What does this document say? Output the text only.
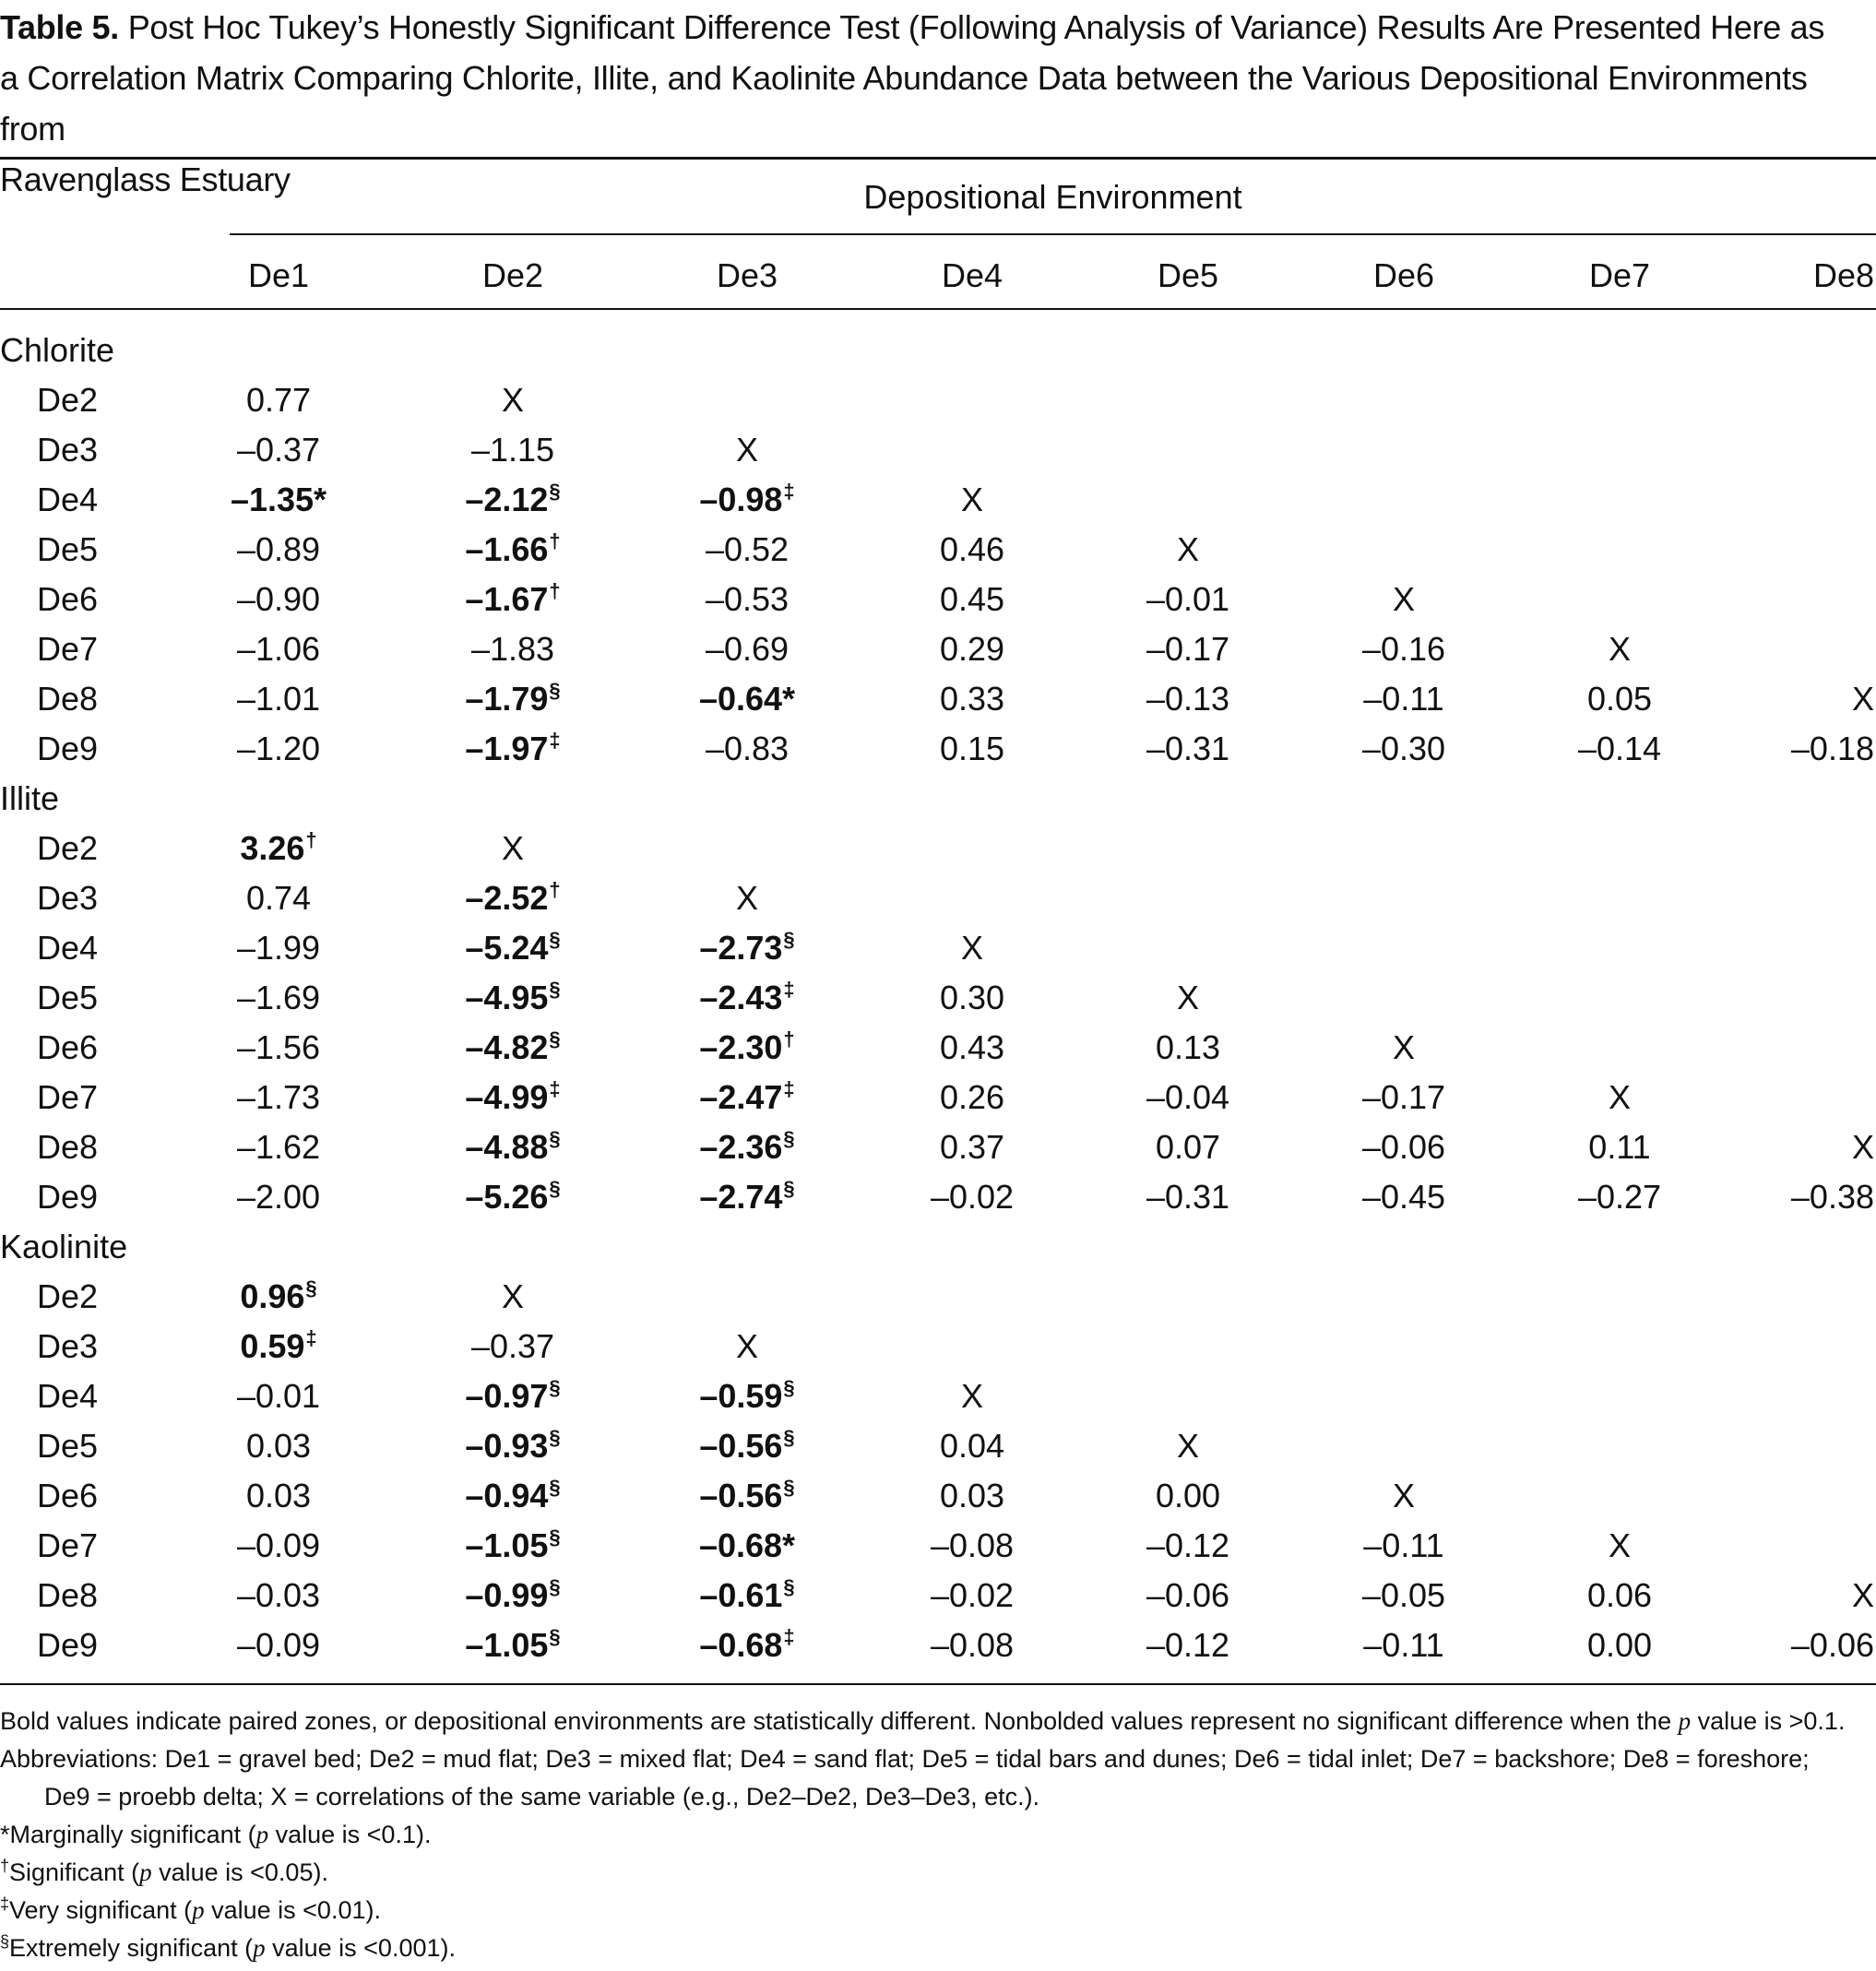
Table 5. Post Hoc Tukey’s Honestly Significant Difference Test (Following Analysis of Variance) Results Are Presented Here as
a Correlation Matrix Comparing Chlorite, Illite, and Kaolinite Abundance Data between the Various Depositional Environments from
Ravenglass Estuary	Depositional Environment
De1	De2	De3	De4	De5	De6	De7	De8
Chlorite
De2	0.77	X
De3	–0.37	–1.15	X
De4	–1.35*	–2.12§	–0.98‡	X
De5	–0.89	–1.66†	–0.52	0.46	X
De6	–0.90	–1.67†	–0.53	0.45	–0.01	X
De7	–1.06	–1.83	–0.69	0.29	–0.17	–0.16	X
De8	–1.01	–1.79§	–0.64*	0.33	–0.13	–0.11	0.05	X
De9	–1.20	–1.97‡	–0.83	0.15	–0.31	–0.30	–0.14	–0.18
Illite
De2	3.26†	X
De3	0.74	–2.52†	X
De4	–1.99	–5.24§	–2.73§	X
De5	–1.69	–4.95§	–2.43‡	0.30	X
De6	–1.56	–4.82§	–2.30†	0.43	0.13	X
De7	–1.73	–4.99‡	–2.47‡	0.26	–0.04	–0.17	X
De8	–1.62	–4.88§	–2.36§	0.37	0.07	–0.06	0.11	X
De9	–2.00	–5.26§	–2.74§	–0.02	–0.31	–0.45	–0.27	–0.38
Kaolinite
De2	0.96§	X
De3	0.59‡	–0.37	X
De4	–0.01	–0.97§	–0.59§	X
De5	0.03	–0.93§	–0.56§	0.04	X
De6	0.03	–0.94§	–0.56§	0.03	0.00	X
De7	–0.09	–1.05§	–0.68*	–0.08	–0.12	–0.11	X
De8	–0.03	–0.99§	–0.61§	–0.02	–0.06	–0.05	0.06	X
De9	–0.09	–1.05§	–0.68‡	–0.08	–0.12	–0.11	0.00	–0.06
Bold values indicate paired zones, or depositional environments are statistically different. Nonbolded values represent no significant difference when the p value is >0.1.
Abbreviations: De1 = gravel bed; De2 = mud flat; De3 = mixed flat; De4 = sand flat; De5 = tidal bars and dunes; De6 = tidal inlet; De7 = backshore; De8 = foreshore;
De9 = proebb delta; X = correlations of the same variable (e.g., De2–De2, De3–De3, etc.).
*Marginally significant (p value is <0.1).
†Significant (p value is <0.05).
‡Very significant (p value is <0.01).
§Extremely significant (p value is <0.001).
